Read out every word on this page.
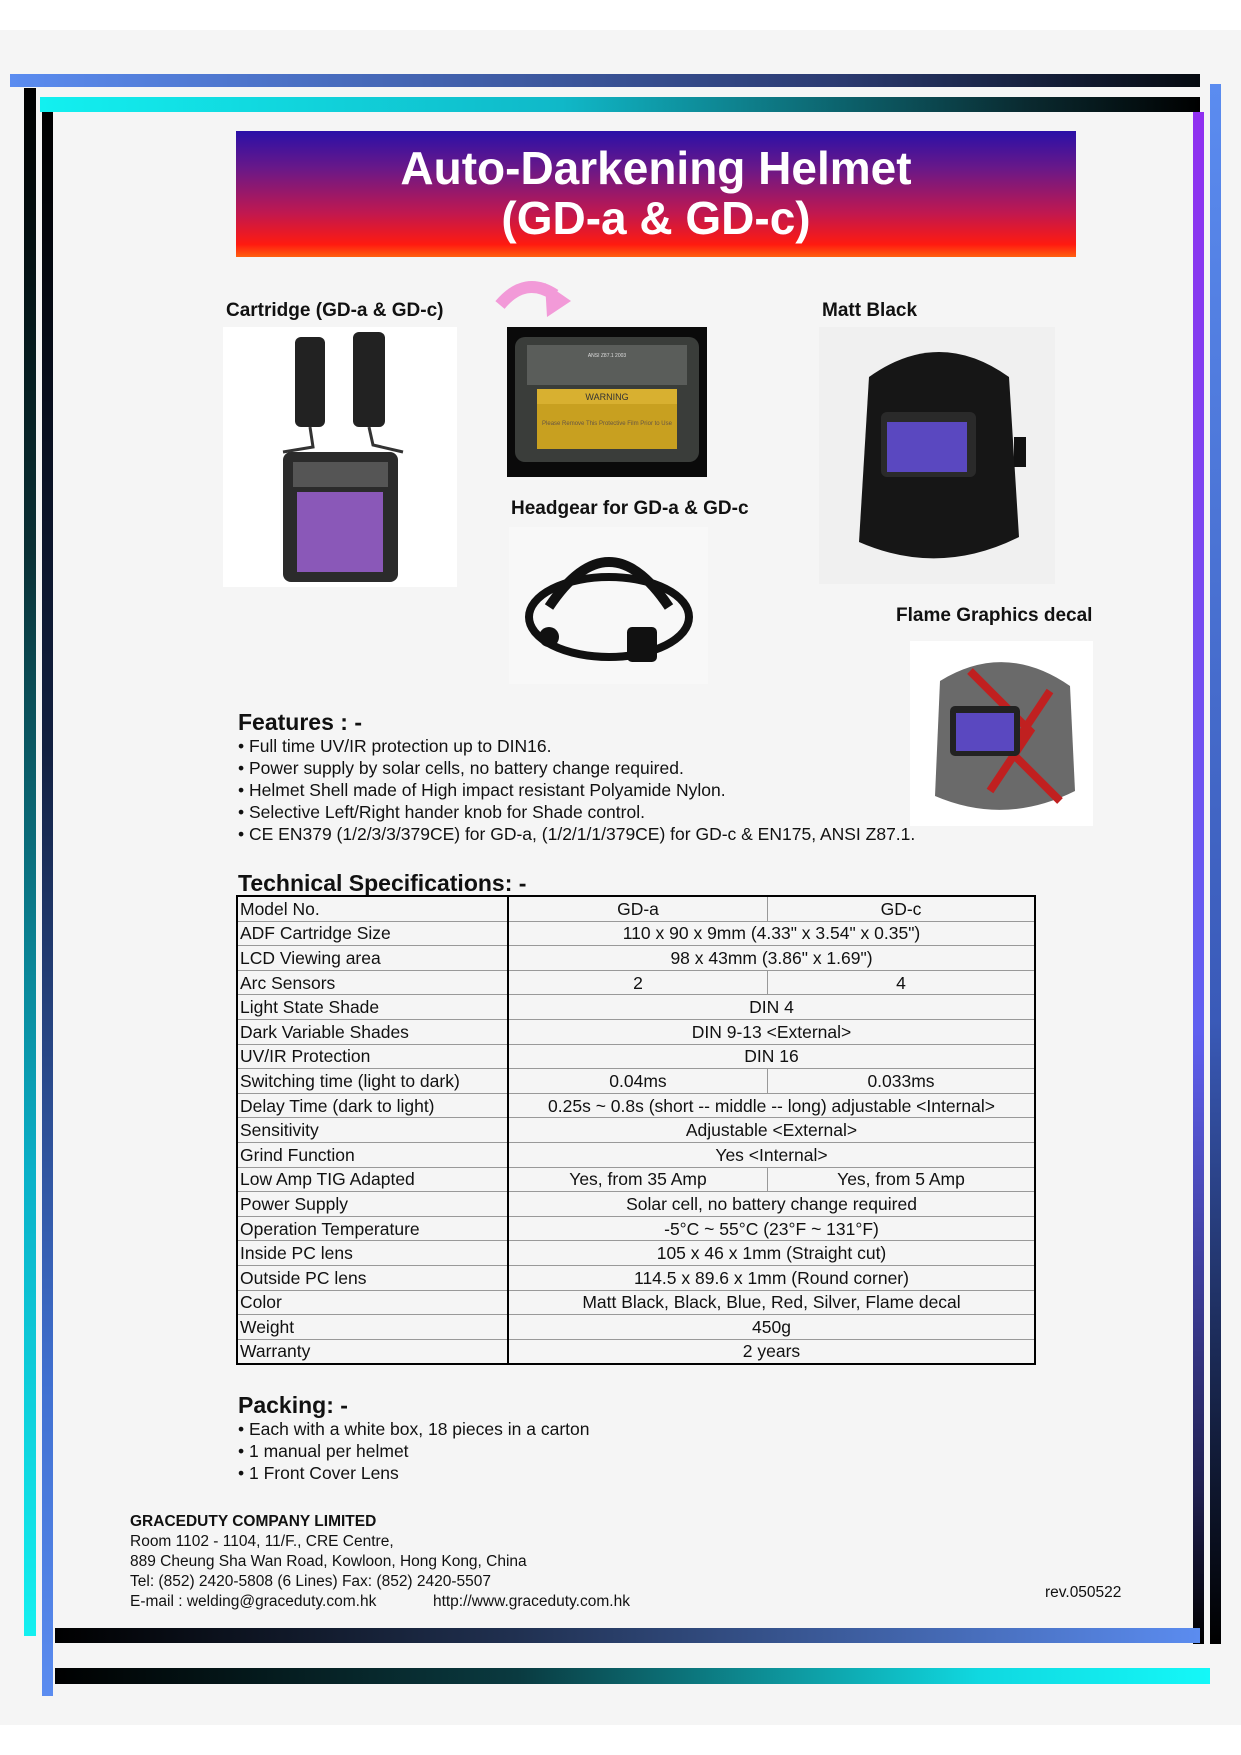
Auto-Darkening Helmet
(GD-a & GD-c)
Cartridge (GD-a & GD-c)	Matt Black
Headgear for GD-a & GD-c
Flame Graphics decal
WARNING
ANSI Z87.1 2003
Please Remove This Protective Film Prior to Use
Features : -
• Full time UV/IR protection up to DIN16.
• Power supply by solar cells, no battery change required.
• Helmet Shell made of High impact resistant Polyamide Nylon.
• Selective Left/Right hander knob for Shade control.
• CE EN379 (1/2/3/3/379CE) for GD-a, (1/2/1/1/379CE) for GD-c & EN175, ANSI Z87.1.
Technical Specifications: -
Model No.	GD-a	GD-c
ADF Cartridge Size	110 x 90 x 9mm (4.33" x 3.54" x 0.35")	
LCD Viewing area	98 x 43mm (3.86" x 1.69")	
Arc Sensors	2	4
Light State Shade	DIN 4	
Dark Variable Shades	DIN 9-13 <External>	
UV/IR Protection	DIN 16	
Switching time (light to dark)	0.04ms	0.033ms
Delay Time (dark to light)	0.25s ~ 0.8s (short -- middle -- long) adjustable <Internal>	
Sensitivity	Adjustable <External>	
Grind Function	Yes <Internal>	
Low Amp TIG Adapted	Yes, from 35 Amp	Yes, from 5 Amp
Power Supply	Solar cell, no battery change required	
Operation Temperature	-5°C ~ 55°C (23°F ~ 131°F)	
Inside PC lens	105 x 46 x 1mm (Straight cut)	
Outside PC lens	114.5 x 89.6 x 1mm (Round corner)	
Color	Matt Black, Black, Blue, Red, Silver, Flame decal	
Weight	450g	
Warranty	2 years	
Packing: -
• Each with a white box, 18 pieces in a carton
• 1 manual per helmet
• 1 Front Cover Lens
GRACEDUTY COMPANY LIMITED
Room 1102 - 1104, 11/F., CRE Centre,
889 Cheung Sha Wan Road, Kowloon, Hong Kong, China
Tel: (852) 2420-5808 (6 Lines) Fax: (852) 2420-5507
E-mail : welding@graceduty.com.hk	http://www.graceduty.com.hk
rev.050522
